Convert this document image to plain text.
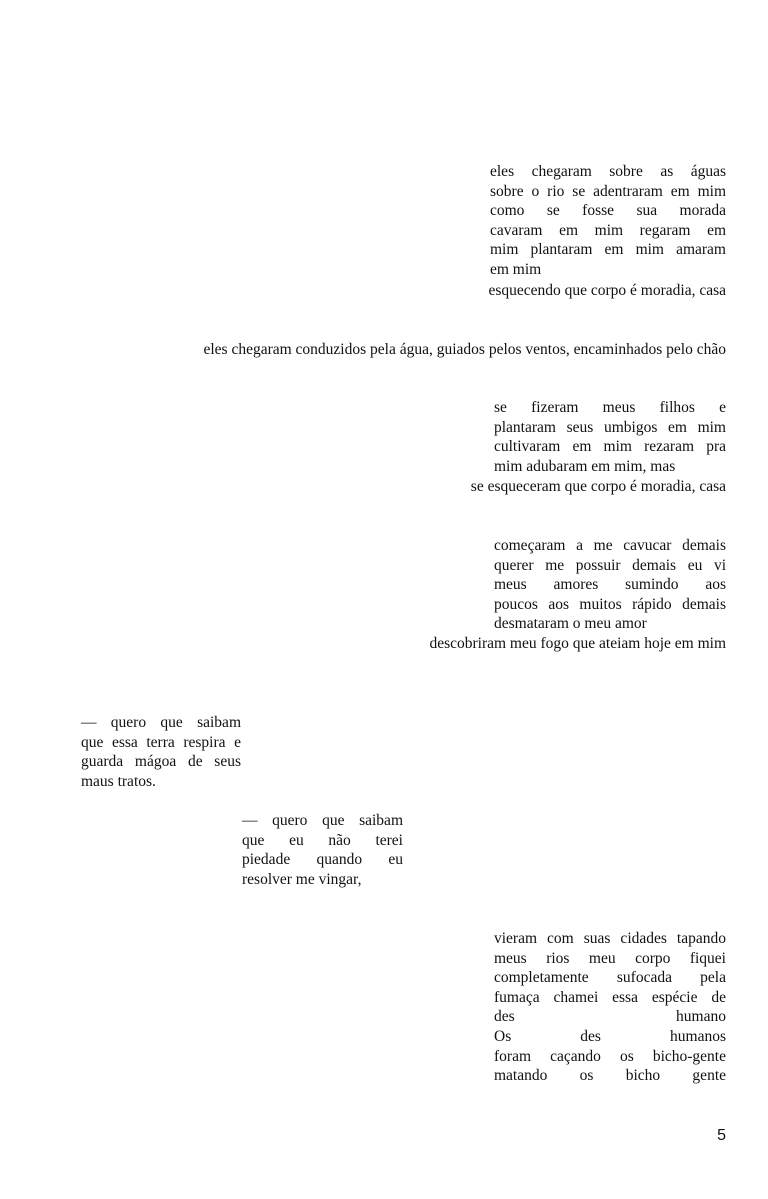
eles chegaram sobre as águas
sobre o rio se adentraram em mim
como se fosse sua morada
cavaram em mim regaram em
mim plantaram em mim amaram
em mim
esquecendo que corpo é moradia, casa
eles chegaram conduzidos pela água, guiados pelos ventos, encaminhados pelo chão
se fizeram meus filhos e
plantaram seus umbigos em mim
cultivaram em mim rezaram pra
mim adubaram em mim, mas
se esqueceram que corpo é moradia, casa
começaram a me cavucar demais
querer me possuir demais eu vi
meus amores sumindo aos
poucos aos muitos rápido demais
desmataram o meu amor
descobriram meu fogo que ateiam hoje em mim
— quero que saibam
que essa terra respira e
guarda mágoa de seus
maus tratos.
— quero que saibam
que eu não terei
piedade quando eu
resolver me vingar,
vieram com suas cidades tapando
meus rios meu corpo fiquei
completamente sufocada pela
fumaça chamei essa espécie de
des humano
Os des humanos
foram caçando os bicho-gente
matando os bicho gente
5
